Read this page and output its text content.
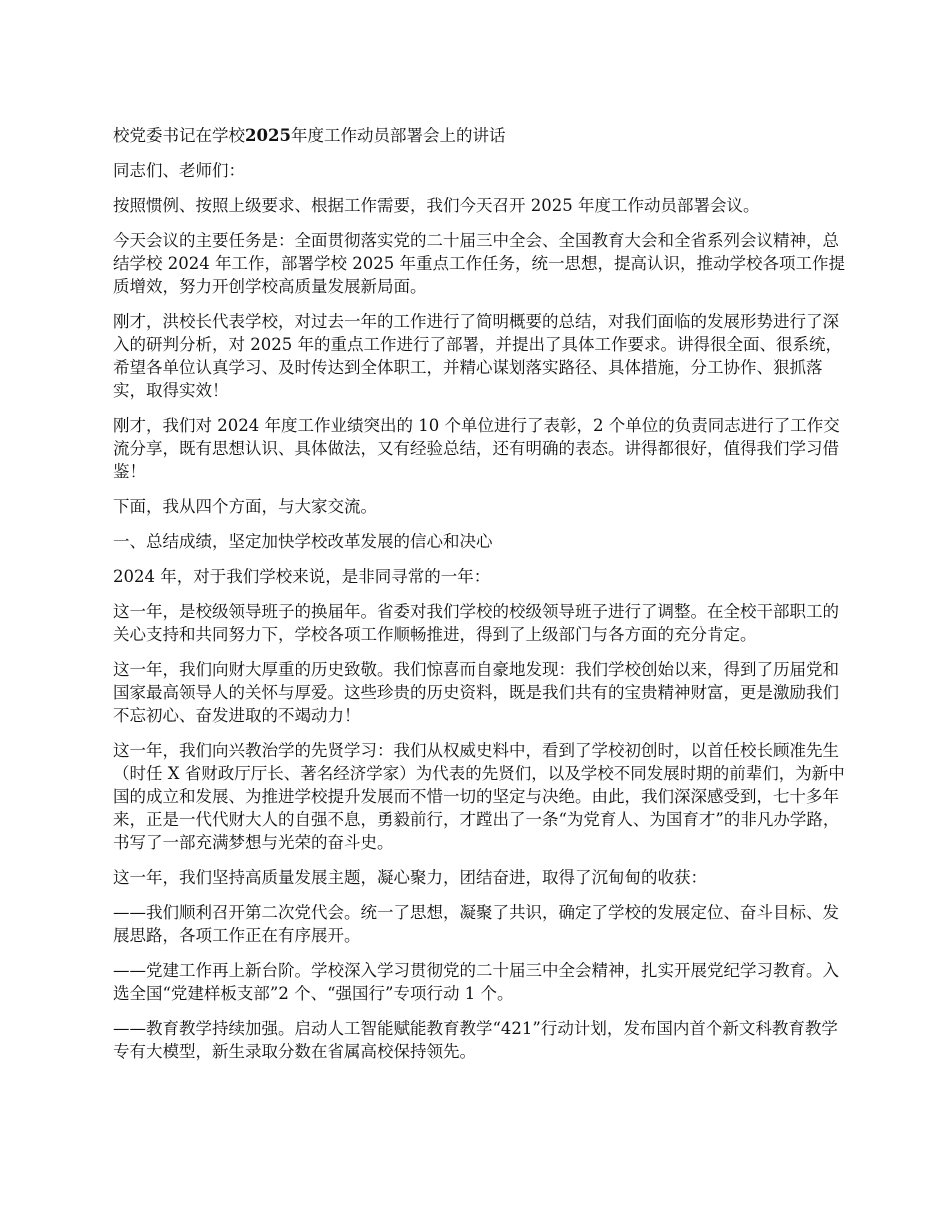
校党委书记在学校2025年度工作动员部署会上的讲话

同志们、老师们：

按照惯例、按照上级要求、根据工作需要，我们今天召开 2025 年度工作动员部署会议。

今天会议的主要任务是：全面贯彻落实党的二十届三中全会、全国教育大会和全省系列会议精神，总结学校 2024 年工作，部署学校 2025 年重点工作任务，统一思想，提高认识，推动学校各项工作提质增效，努力开创学校高质量发展新局面。

刚才，洪校长代表学校，对过去一年的工作进行了简明概要的总结，对我们面临的发展形势进行了深入的研判分析，对 2025 年的重点工作进行了部署，并提出了具体工作要求。讲得很全面、很系统，希望各单位认真学习、及时传达到全体职工，并精心谋划落实路径、具体措施，分工协作、狠抓落实，取得实效！

刚才，我们对 2024 年度工作业绩突出的 10 个单位进行了表彰，2 个单位的负责同志进行了工作交流分享，既有思想认识、具体做法，又有经验总结，还有明确的表态。讲得都很好，值得我们学习借鉴！

下面，我从四个方面，与大家交流。

一、总结成绩，坚定加快学校改革发展的信心和决心

2024 年，对于我们学校来说，是非同寻常的一年：

这一年，是校级领导班子的换届年。省委对我们学校的校级领导班子进行了调整。在全校干部职工的关心支持和共同努力下，学校各项工作顺畅推进，得到了上级部门与各方面的充分肯定。

这一年，我们向财大厚重的历史致敬。我们惊喜而自豪地发现：我们学校创始以来，得到了历届党和国家最高领导人的关怀与厚爱。这些珍贵的历史资料，既是我们共有的宝贵精神财富，更是激励我们不忘初心、奋发进取的不竭动力！

这一年，我们向兴教治学的先贤学习：我们从权威史料中，看到了学校初创时，以首任校长顾准先生（时任 X 省财政厅厅长、著名经济学家）为代表的先贤们，以及学校不同发展时期的前辈们，为新中国的成立和发展、为推进学校提升发展而不惜一切的坚定与决绝。由此，我们深深感受到，七十多年来，正是一代代财大人的自强不息，勇毅前行，才蹚出了一条“为党育人、为国育才”的非凡办学路，书写了一部充满梦想与光荣的奋斗史。

这一年，我们坚持高质量发展主题，凝心聚力，团结奋进，取得了沉甸甸的收获：

——我们顺利召开第二次党代会。统一了思想，凝聚了共识，确定了学校的发展定位、奋斗目标、发展思路，各项工作正在有序展开。

——党建工作再上新台阶。学校深入学习贯彻党的二十届三中全会精神，扎实开展党纪学习教育。入选全国“党建样板支部”2 个、“强国行”专项行动 1 个。

——教育教学持续加强。启动人工智能赋能教育教学“421”行动计划，发布国内首个新文科教育教学专有大模型，新生录取分数在省属高校保持领先。
